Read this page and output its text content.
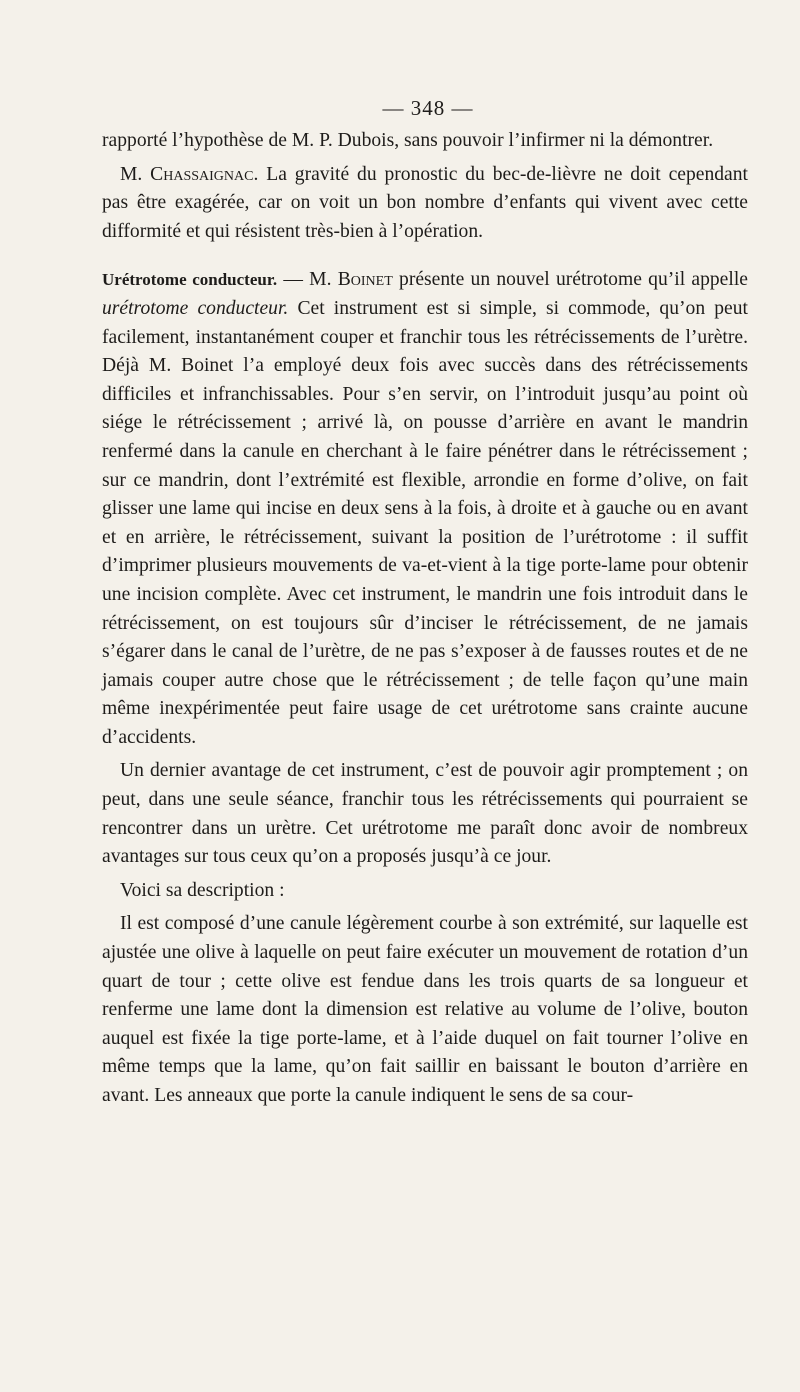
— 348 —

rapporté l’hypothèse de M. P. Dubois, sans pouvoir l’infirmer ni la démontrer.

M. Chassaignac. La gravité du pronostic du bec-de-lièvre ne doit cependant pas être exagérée, car on voit un bon nombre d’enfants qui vivent avec cette difformité et qui résistent très-bien à l’opération.

Urétrotome conducteur. — M. Boinet présente un nouvel urétrotome qu’il appelle urétrotome conducteur. Cet instrument est si simple, si commode, qu’on peut facilement, instantanément couper et franchir tous les rétrécissements de l’urètre. Déjà M. Boinet l’a employé deux fois avec succès dans des rétrécissements difficiles et infranchissables. Pour s’en servir, on l’introduit jusqu’au point où siége le rétrécissement ; arrivé là, on pousse d’arrière en avant le mandrin renfermé dans la canule en cherchant à le faire pénétrer dans le rétrécissement ; sur ce mandrin, dont l’extrémité est flexible, arrondie en forme d’olive, on fait glisser une lame qui incise en deux sens à la fois, à droite et à gauche ou en avant et en arrière, le rétrécissement, suivant la position de l’urétrotome : il suffit d’imprimer plusieurs mouvements de va-et-vient à la tige porte-lame pour obtenir une incision complète. Avec cet instrument, le mandrin une fois introduit dans le rétrécissement, on est toujours sûr d’inciser le rétrécissement, de ne jamais s’égarer dans le canal de l’urètre, de ne pas s’exposer à de fausses routes et de ne jamais couper autre chose que le rétrécissement ; de telle façon qu’une main même inexpérimentée peut faire usage de cet urétrotome sans crainte aucune d’accidents.

Un dernier avantage de cet instrument, c’est de pouvoir agir promptement ; on peut, dans une seule séance, franchir tous les rétrécissements qui pourraient se rencontrer dans un urètre. Cet urétrotome me paraît donc avoir de nombreux avantages sur tous ceux qu’on a proposés jusqu’à ce jour.

Voici sa description :

Il est composé d’une canule légèrement courbe à son extrémité, sur laquelle est ajustée une olive à laquelle on peut faire exécuter un mouvement de rotation d’un quart de tour ; cette olive est fendue dans les trois quarts de sa longueur et renferme une lame dont la dimension est relative au volume de l’olive, bouton auquel est fixée la tige porte-lame, et à l’aide duquel on fait tourner l’olive en même temps que la lame, qu’on fait saillir en baissant le bouton d’arrière en avant. Les anneaux que porte la canule indiquent le sens de sa cour-
